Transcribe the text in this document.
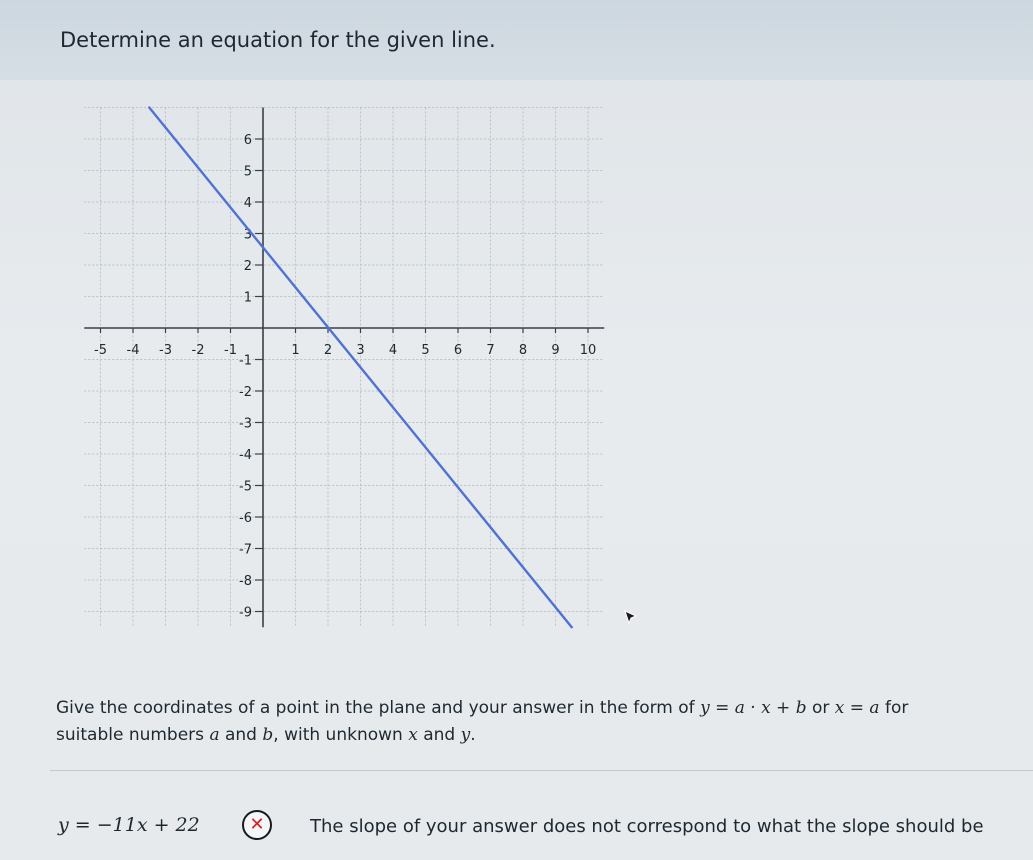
Determine an equation for the given line.
-5 -4 -3 -2 -1	1 2 3 4 5 6 7 8 9 10
-9
-8
-7
-6
-5
-4
-3
-2
-1
1
2
3
4
5
6
Give the coordinates of a point in the plane and your answer in the form of y = a · x + b or x = a for
suitable numbers a and b, with unknown x and y.
y = −11x + 22	✕	The slope of your answer does not correspond to what the slope should be
